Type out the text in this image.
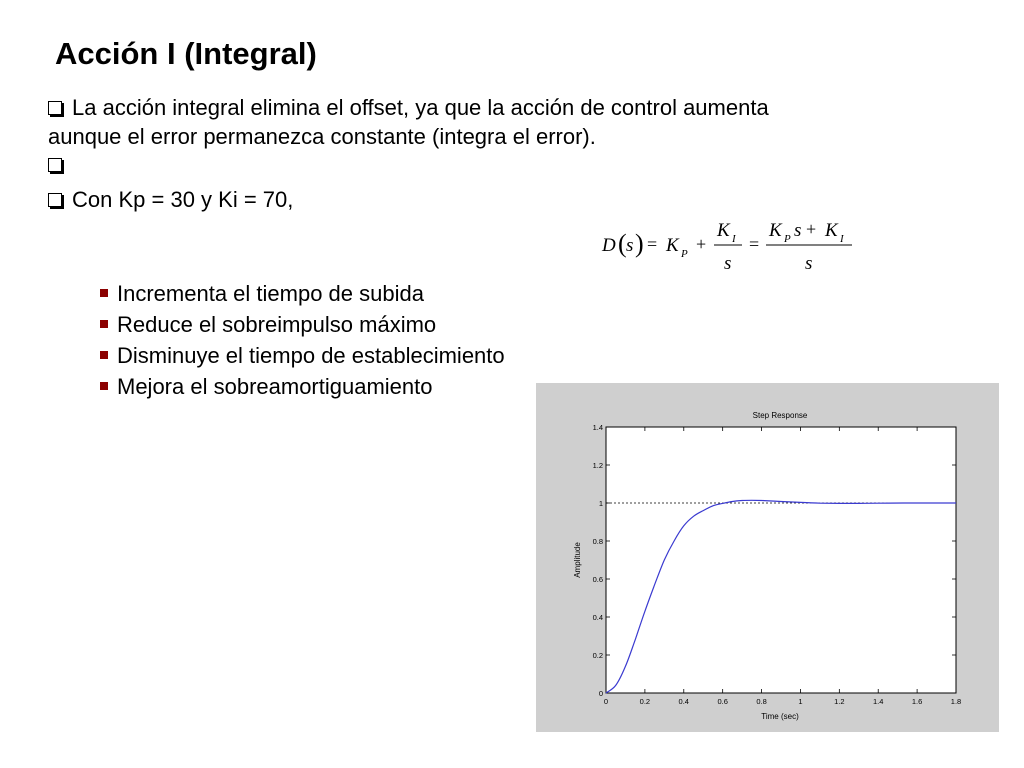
Acción I (Integral)
La acción integral elimina el offset, ya que la acción de control aumenta
aunque el error permanezca constante (integra el error).
Con Kp = 30 y Ki = 70,
D ( s ) = K P +
K I
s
=
K P s + K I
s
Incrementa el tiempo de subida
Reduce el sobreimpulso máximo
Disminuye el tiempo de establecimiento
Mejora el sobreamortiguamiento
Step Response
0	0.2	0.4	0.6	0.8	1	1.2	1.4	1.6	1.8
0
0.2
0.4
0.6
0.8
1
1.2
1.4
Time (sec)
Amplitude
